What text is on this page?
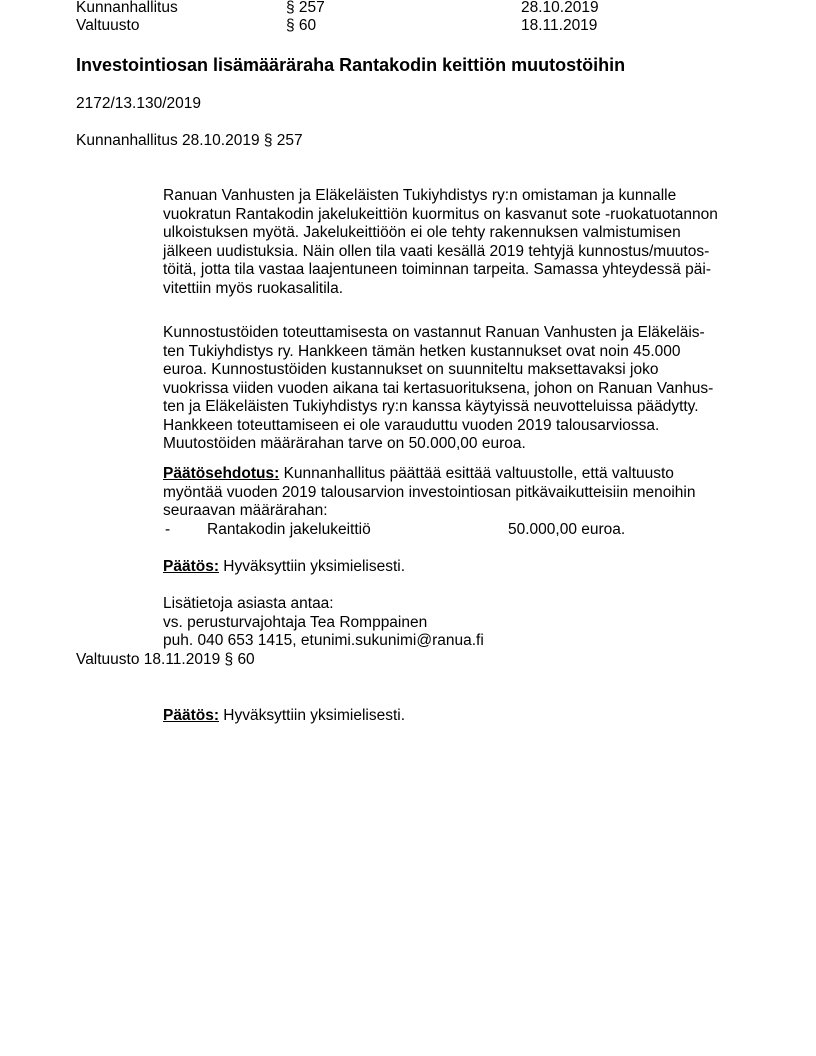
Kunnanhallitus	§ 257	28.10.2019
Valtuusto	§ 60	18.11.2019
Investointiosan lisämääräraha Rantakodin keittiön muutostöihin
2172/13.130/2019
Kunnanhallitus 28.10.2019 § 257
Ranuan Vanhusten ja Eläkeläisten Tukiyhdistys ry:n omistaman ja kunnalle
vuokratun Rantakodin jakelukeittiön kuormitus on kasvanut sote -ruokatuotannon
ulkoistuksen myötä. Jakelukeittiöön ei ole tehty rakennuksen valmistumisen
jälkeen uudistuksia. Näin ollen tila vaati kesällä 2019 tehtyjä kunnostus/muutos-
töitä, jotta tila vastaa laajentuneen toiminnan tarpeita. Samassa yhteydessä päi-
vitettiin myös ruokasalitila.
Kunnostustöiden toteuttamisesta on vastannut Ranuan Vanhusten ja Eläkeläis-
ten Tukiyhdistys ry. Hankkeen tämän hetken kustannukset ovat noin 45.000
euroa. Kunnostustöiden kustannukset on suunniteltu maksettavaksi joko
vuokrissa viiden vuoden aikana tai kertasuorituksena, johon on Ranuan Vanhus-
ten ja Eläkeläisten Tukiyhdistys ry:n kanssa käytyissä neuvotteluissa päädytty.
Hankkeen toteuttamiseen ei ole varauduttu vuoden 2019 talousarviossa.
Muutostöiden määrärahan tarve on 50.000,00 euroa.
Päätösehdotus: Kunnanhallitus päättää esittää valtuustolle, että valtuusto
myöntää vuoden 2019 talousarvion investointiosan pitkävaikutteisiin menoihin
seuraavan määrärahan:
- Rantakodin jakelukeittiö	50.000,00 euroa.
Päätös: Hyväksyttiin yksimielisesti.
Lisätietoja asiasta antaa:
vs. perusturvajohtaja Tea Romppainen
puh. 040 653 1415, etunimi.sukunimi@ranua.fi
Valtuusto 18.11.2019 § 60
Päätös: Hyväksyttiin yksimielisesti.
